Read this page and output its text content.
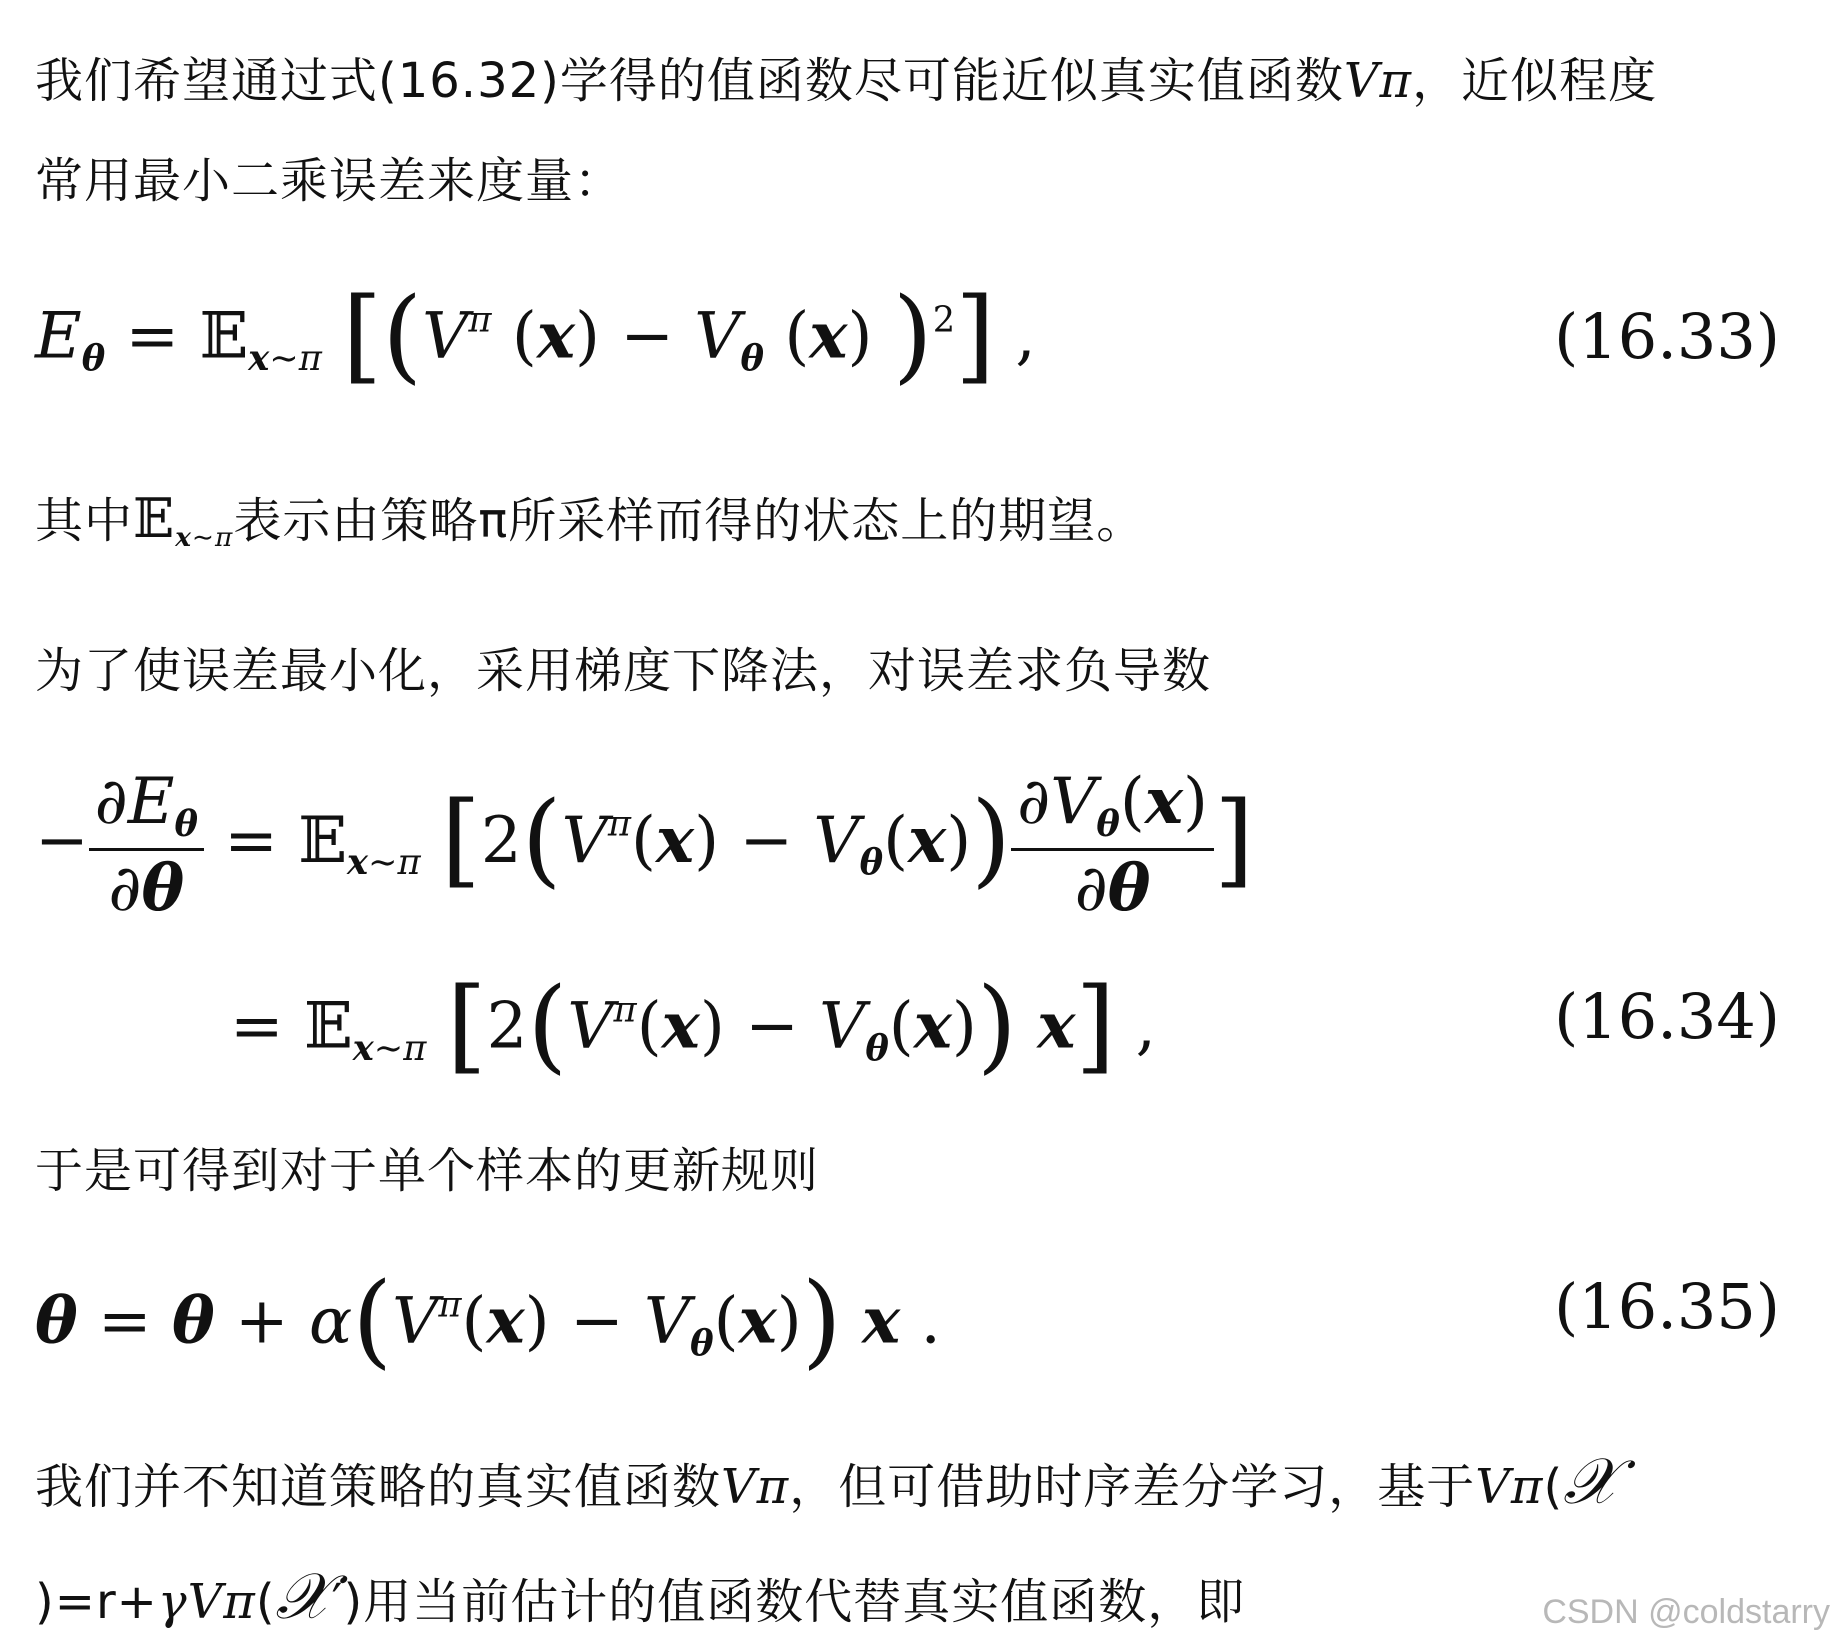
我们希望通过式(16.32)学得的值函数尽可能近似真实值函数Vπ，近似程度
常用最小二乘误差来度量：
$E_\theta$ = 𝔼$_{x\sim\pi}$ [($V^\pi$ $(x) - V_\theta$ (x) )$^2$] ,	(16.33)
其中𝔼$_{x\sim\pi}$表示由策略π所采样而得的状态上的期望。
为了使误差最小化，采用梯度下降法，对误差求负导数
− $\frac{\partial E_\theta}{\partial\theta}$ = 𝔼$_{x\sim\pi}$ [$2(V^\pi(x) - V_\theta(x)) \frac{\partial V_\theta(x)}{\partial\theta}$ ]
= 𝔼$_{x\sim\pi}$ [$2(V^\pi(x) - V_\theta(x))$ x] ,	(16.34)
于是可得到对于单个样本的更新规则
$\theta = \theta + \alpha(V^\pi(x) - V_\theta(x))$ x .	(16.35)
我们并不知道策略的真实值函数Vπ，但可借助时序差分学习，基于Vπ(𝒳
)=r+γVπ(𝒳′)用当前估计的值函数代替真实值函数，即	CSDN @coldstarry
